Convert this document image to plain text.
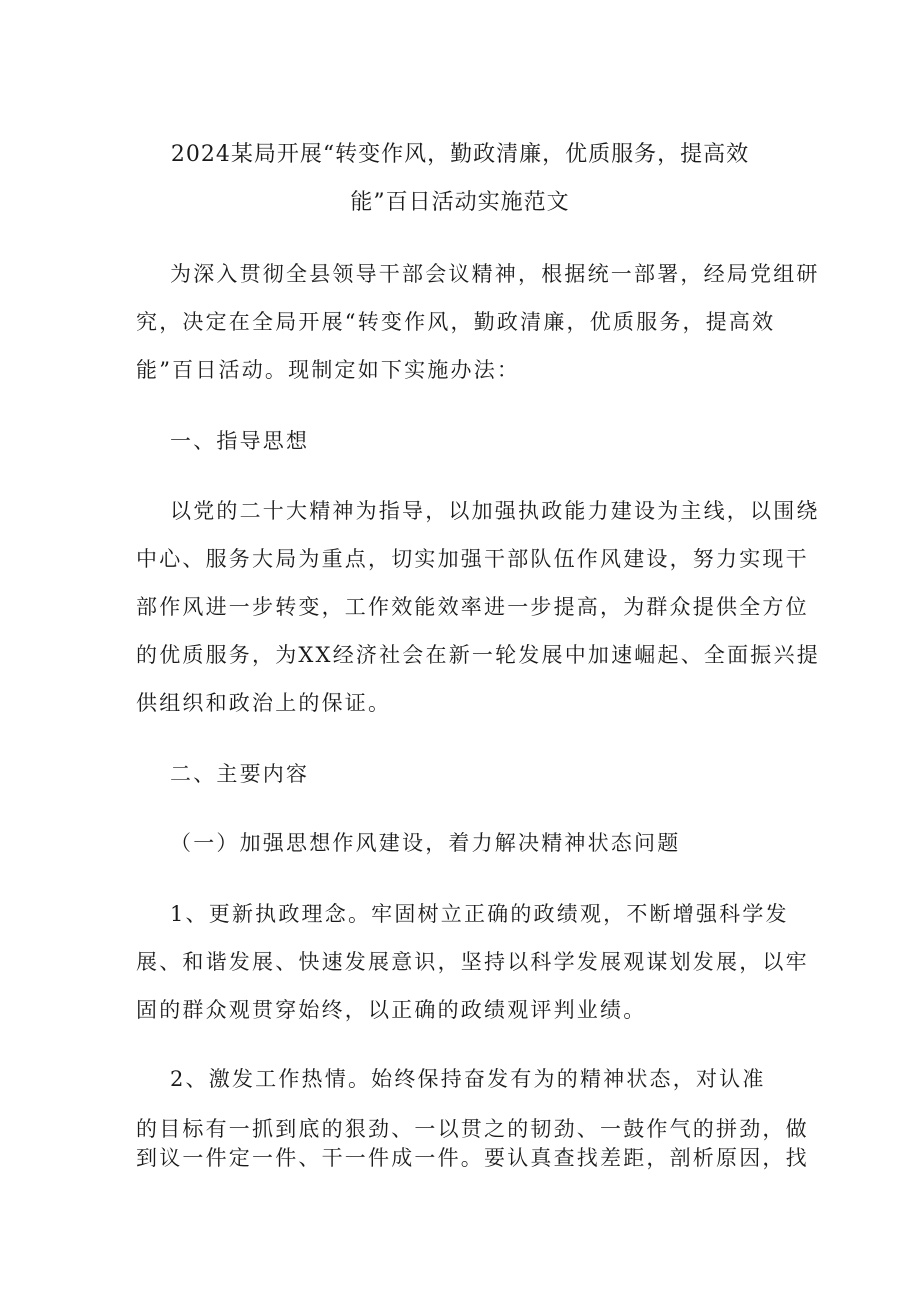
2024某局开展“转变作风，勤政清廉，优质服务，提高效
能”百日活动实施范文
为深入贯彻全县领导干部会议精神，根据统一部署，经局党组研
究，决定在全局开展“转变作风，勤政清廉，优质服务，提高效
能”百日活动。现制定如下实施办法：
一、指导思想
以党的二十大精神为指导，以加强执政能力建设为主线，以围绕
中心、服务大局为重点，切实加强干部队伍作风建设，努力实现干
部作风进一步转变，工作效能效率进一步提高，为群众提供全方位
的优质服务，为XX经济社会在新一轮发展中加速崛起、全面振兴提
供组织和政治上的保证。
二、主要内容
（一）加强思想作风建设，着力解决精神状态问题
1、更新执政理念。牢固树立正确的政绩观，不断增强科学发
展、和谐发展、快速发展意识，坚持以科学发展观谋划发展，以牢
固的群众观贯穿始终，以正确的政绩观评判业绩。
2、激发工作热情。始终保持奋发有为的精神状态，对认准
的目标有一抓到底的狠劲、一以贯之的韧劲、一鼓作气的拼劲，做
到议一件定一件、干一件成一件。要认真查找差距，剖析原因，找
